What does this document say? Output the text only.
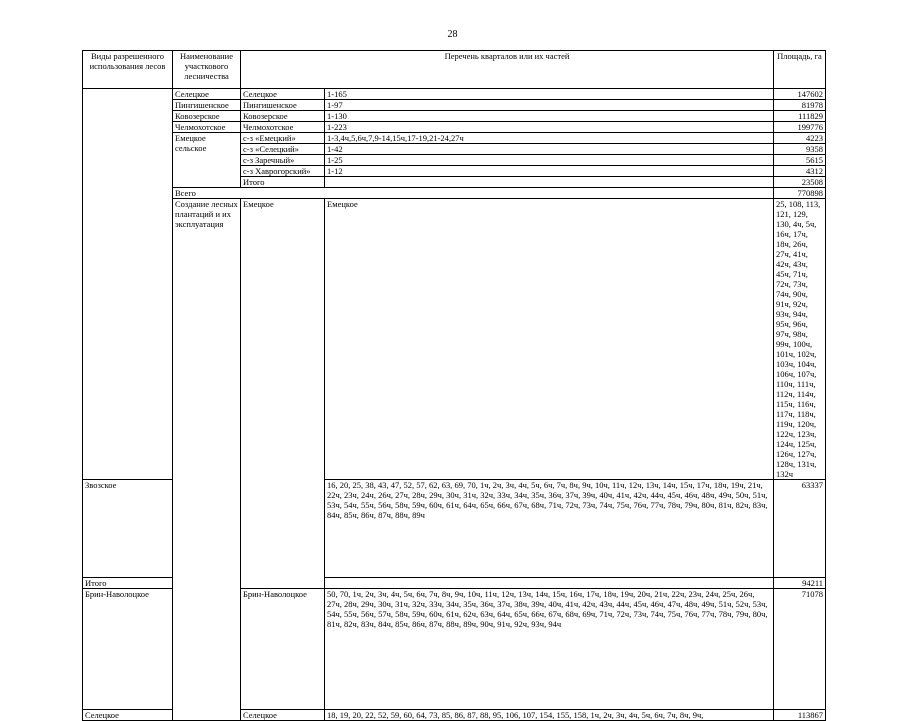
28
Виды разрешенного использования лесов	Наименование участкового лесничества	Перечень кварталов или их частей		Площадь, га	
	Селецкое	Селецкое	1-165	147602	
	Пингишенское	Пингишенское	1-97	81978	
	Ковозерское	Ковозерское	1-130	111829	
	Челмохотское	Челмохотское	1-223	199776	
	Емецкое сельское	с-з «Емецкий»	1-3,4ч,5,6ч,7,9-14,15ч,17-19,21-24,27ч	4223	
		с-з «Селецкий»	1-42	9358	
		с-з Заречный»	1-25	5615	
		с-з Хаврогорский»	1-12	4312	
		Итого		23508	
	Всего			770898	
	Создание лесных плантаций и их эксплуатация	Емецкое	Емецкое	25, 108, 113, 121, 129, 130, 4ч, 5ч, 16ч, 17ч, 18ч, 26ч, 27ч, 41ч, 42ч, 43ч, 45ч, 71ч, 72ч, 73ч, 74ч, 90ч, 91ч, 92ч, 93ч, 94ч, 95ч, 96ч, 97ч, 98ч, 99ч, 100ч, 101ч, 102ч, 103ч, 104ч, 106ч, 107ч, 110ч, 111ч, 112ч, 114ч, 115ч, 116ч, 117ч, 118ч, 119ч, 120ч, 122ч, 123ч, 124ч, 125ч, 126ч, 127ч, 128ч, 131ч, 132ч	
Звозское			16, 20, 25, 38, 43, 47, 52, 57, 62, 63, 69, 70, 1ч, 2ч, 3ч, 4ч, 5ч, 6ч, 7ч, 8ч, 9ч, 10ч, 11ч, 12ч, 13ч, 14ч, 15ч, 17ч, 18ч, 19ч, 21ч, 22ч, 23ч, 24ч, 26ч, 27ч, 28ч, 29ч, 30ч, 31ч, 32ч, 33ч, 34ч, 35ч, 36ч, 37ч, 39ч, 40ч, 41ч, 42ч, 44ч, 45ч, 46ч, 48ч, 49ч, 50ч, 51ч, 53ч, 54ч, 55ч, 56ч, 58ч, 59ч, 60ч, 61ч, 64ч, 65ч, 66ч, 67ч, 68ч, 71ч, 72ч, 73ч, 74ч, 75ч, 76ч, 77ч, 78ч, 79ч, 80ч, 81ч, 82ч, 83ч, 84ч, 85ч, 86ч, 87ч, 88ч, 89ч	63337	
Итого				94211	
Брин-Наволоцкое		Брин-Наволоцкое	50, 70, 1ч, 2ч, 3ч, 4ч, 5ч, 6ч, 7ч, 8ч, 9ч, 10ч, 11ч, 12ч, 13ч, 14ч, 15ч, 16ч, 17ч, 18ч, 19ч, 20ч, 21ч, 22ч, 23ч, 24ч, 25ч, 26ч, 27ч, 28ч, 29ч, 30ч, 31ч, 32ч, 33ч, 34ч, 35ч, 36ч, 37ч, 38ч, 39ч, 40ч, 41ч, 42ч, 43ч, 44ч, 45ч, 46ч, 47ч, 48ч, 49ч, 51ч, 52ч, 53ч, 54ч, 55ч, 56ч, 57ч, 58ч, 59ч, 60ч, 61ч, 62ч, 63ч, 64ч, 65ч, 66ч, 67ч, 68ч, 69ч, 71ч, 72ч, 73ч, 74ч, 75ч, 76ч, 77ч, 78ч, 79ч, 80ч, 81ч, 82ч, 83ч, 84ч, 85ч, 86ч, 87ч, 88ч, 89ч, 90ч, 91ч, 92ч, 93ч, 94ч	71078	
Селецкое		Селецкое	18, 19, 20, 22, 52, 59, 60, 64, 73, 85, 86, 87, 88, 95, 106, 107, 154, 155, 158, 1ч, 2ч, 3ч, 4ч, 5ч, 6ч, 7ч, 8ч, 9ч,	113867	
